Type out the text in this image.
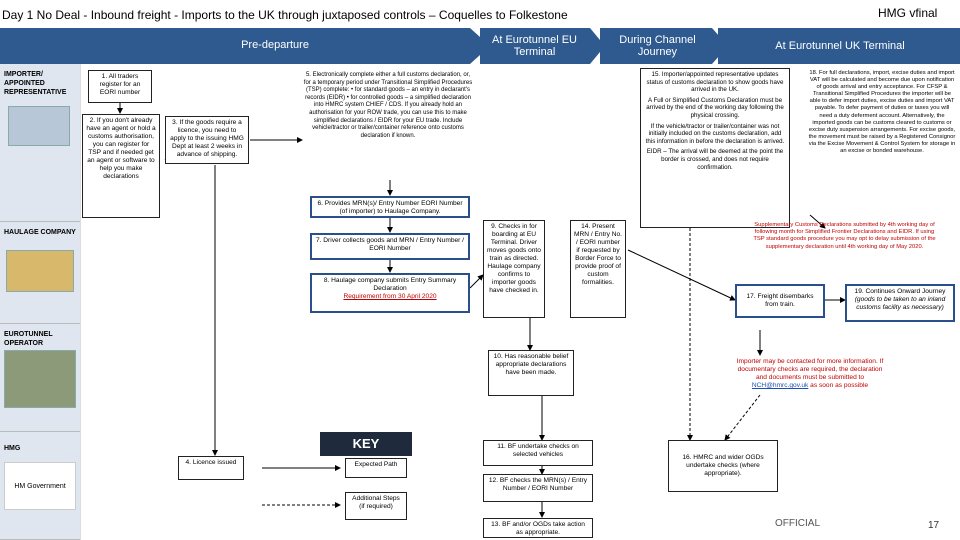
Day 1 No Deal - Inbound freight - Imports to the UK through juxtaposed controls – Coquelles to Folkestone	HMG vfinal
Pre-departure	At Eurotunnel EU Terminal
During Channel Journey	At Eurotunnel UK Terminal
IMPORTER/ APPOINTED REPRESENTATIVE
HAULAGE COMPANY
EUROTUNNEL OPERATOR
HMG
HM Government
1. All traders register for an EORI number
2. If you don't already have an agent or hold a customs authorisation, you can register for TSP and if needed get an agent or software to help you make declarations
3. If the goods require a licence, you need to apply to the issuing HMG Dept at least 2 weeks in advance of shipping.
4. Licence issued
5. Electronically complete either a full customs declaration, or, for a temporary period under Transitional Simplified Procedures (TSP) complete: • for standard goods – an entry in declarant's records (EIDR) • for controlled goods – a simplified declaration into HMRC system CHIEF / CDS. If you already hold an authorisation for your ROW trade, you can use this to make simplified declarations / EIDR for your EU trade. Include vehicle/tractor or trailer/container reference onto customs declaration if known.
6. Provides MRN(s)/ Entry Number EORI Number (of importer) to Haulage Company.
7. Driver collects goods and MRN / Entry Number / EORI Number
8. Haulage company submits Entry Summary Declaration
Requirement from 30 April 2020
9. Checks in for boarding at EU Terminal. Driver moves goods onto train as directed. Haulage company confirms to importer goods have checked in.
14. Present MRN / Entry No. / EORI number if requested by Border Force to provide proof of custom formalities.
10. Has reasonable belief appropriate declarations have been made.
11. BF undertake checks on selected vehicles
12. BF checks the MRN(s) / Entry Number / EORI Number
13. BF and/or OGDs take action as appropriate.
15. Importer/appointed representative updates status of customs declaration to show goods have arrived in the UK.
A Full or Simplified Customs Declaration must be arrived by the end of the working day following the physical crossing.
If the vehicle/tractor or trailer/container was not initially included on the customs declaration, add this information in before the declaration is arrived.
EIDR – The arrival will be deemed at the point the border is crossed, and does not require confirmation.
18. For full declarations, import, excise duties and import VAT will be calculated and become due upon notification of goods arrival and entry acceptance. For CFSP & Transitional Simplified Procedures the importer will be able to defer import duties, excise duties and import VAT payable. To defer payment of duties or taxes you will need a duty deferment account. Alternatively, the imported goods can be customs cleared to customs or excise duty suspension arrangements. For excise goods, the movement must be raised by a Registered Consignor via the Excise Movement & Control System for storage in an excise or bonded warehouse.
Supplementary Customs Declarations submitted by 4th working day of following month for Simplified Frontier Declarations and EIDR. If using TSP standard goods procedure you may opt to delay submission of the supplementary declaration until 4th working day of May 2020.
17. Freight disembarks from train.
19. Continues Onward Journey
(goods to be taken to an inland customs facility as necessary)
Importer may be contacted for more information. If documentary checks are required, the declaration and documents must be submitted to NCH@hmrc.gov.uk as soon as possible
16. HMRC and wider OGDs undertake checks (where appropriate).
KEY
Expected Path
Additional Steps (if required)
OFFICIAL	17
